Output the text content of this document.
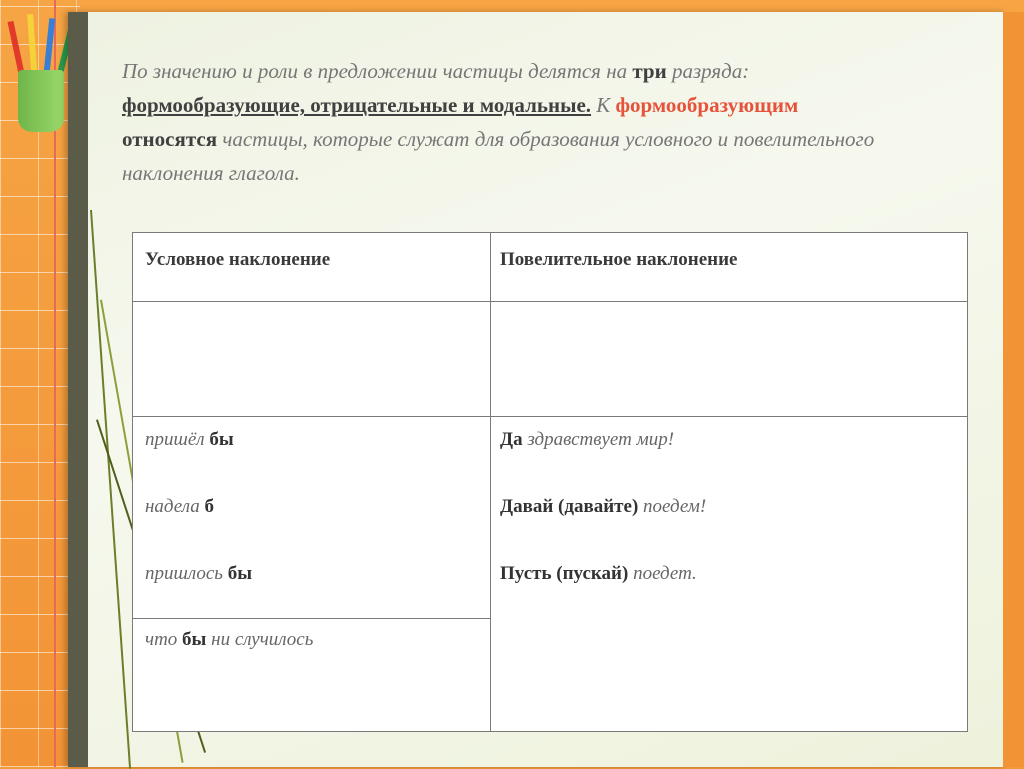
По значению и роли в предложении частицы делятся на три разряда:
формообразующие, отрицательные и модальные. К формообразующим
относятся частицы, которые служат для образования условного и повелительного наклонения глагола.
Условное наклонение	Повелительное наклонение
пришёл бы
надела б
пришлось бы
что бы ни случилось
Да здравствует мир!
Давай (давайте) поедем!
Пусть (пускай) поедет.
